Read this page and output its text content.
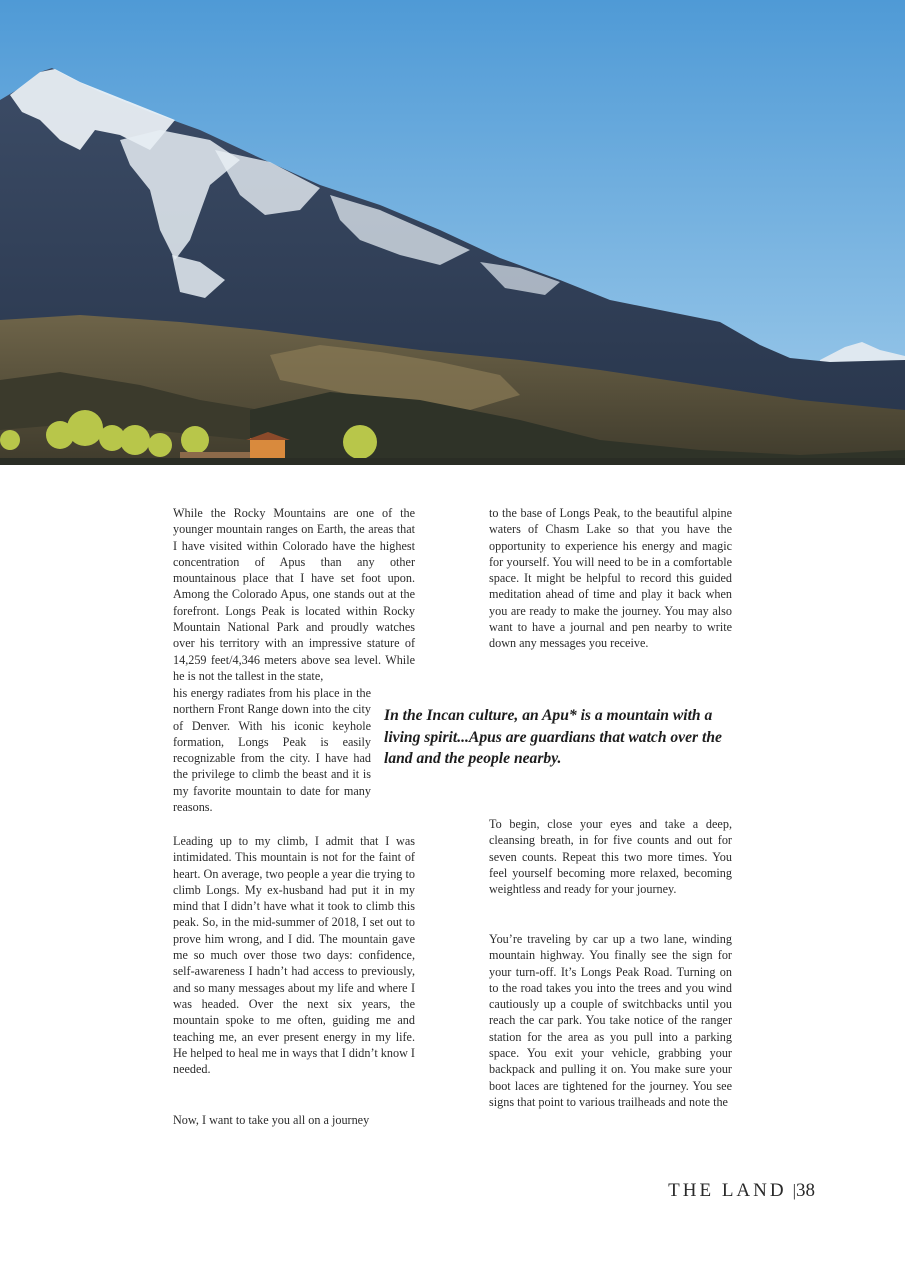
While the Rocky Mountains are one of the younger mountain ranges on Earth, the areas that I have visited within Colorado have the highest concentration of Apus than any other mountainous place that I have set foot upon. Among the Colorado Apus, one stands out at the forefront. Longs Peak is located within Rocky Mountain National Park and proudly watches over his territory with an impressive stature of 14,259 feet/4,346 meters above sea level. While he is not the tallest in the state,

his energy radiates from his place in the northern Front Range down into the city of Denver. With his iconic keyhole formation, Longs Peak is easily recognizable from the city. I have had the privilege to climb the beast and it is my favorite mountain to date for many reasons.

Leading up to my climb, I admit that I was intimidated. This mountain is not for the faint of heart. On average, two people a year die trying to climb Longs. My ex-husband had put it in my mind that I didn’t have what it took to climb this peak. So, in the mid-summer of 2018, I set out to prove him wrong, and I did. The mountain gave me so much over those two days: confidence, self-awareness I hadn’t had access to previously, and so many messages about my life and where I was headed. Over the next six years, the mountain spoke to me often, guiding me and teaching me, an ever present energy in my life. He helped to heal me in ways that I didn’t know I needed.

Now, I want to take you all on a journey

to the base of Longs Peak, to the beautiful alpine waters of Chasm Lake so that you have the opportunity to experience his energy and magic for yourself. You will need to be in a comfortable space. It might be helpful to record this guided meditation ahead of time and play it back when you are ready to make the journey. You may also want to have a journal and pen nearby to write down any messages you receive.

In the Incan culture, an Apu* is a mountain with a living spirit...Apus are guardians that watch over the land and the people nearby.

To begin, close your eyes and take a deep, cleansing breath, in for five counts and out for seven counts. Repeat this two more times. You feel yourself becoming more relaxed, becoming weightless and ready for your journey.

You’re traveling by car up a two lane, winding mountain highway. You finally see the sign for your turn-off. It’s Longs Peak Road. Turning on to the road takes you into the trees and you wind cautiously up a couple of switchbacks until you reach the car park. You take notice of the ranger station for the area as you pull into a parking space. You exit your vehicle, grabbing your backpack and pulling it on. You make sure your boot laces are tightened for the journey. You see signs that point to various trailheads and note the

THE LAND |38
